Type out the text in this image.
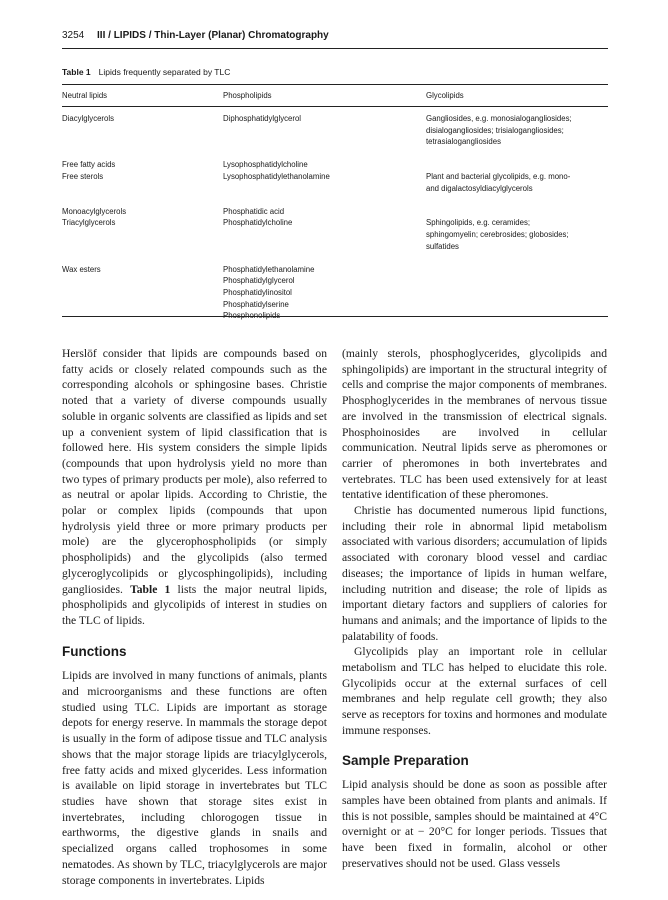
3254 III / LIPIDS / Thin-Layer (Planar) Chromatography
Table 1 Lipids frequently separated by TLC
Neutral lipids	Phospholipids	Glycolipids
Diacylglycerols

Free fatty acids
Free sterols

Monoacylglycerols
Triacylglycerols

Wax esters
Diphosphatidylglycerol

Lysophosphatidylcholine
Lysophosphatidylethanolamine

Phosphatidic acid
Phosphatidylcholine

Phosphatidylethanolamine
Phosphatidylglycerol
Phosphatidylinositol
Phosphatidylserine
Phosphonolipids
Gangliosides, e.g. monosialogangliosides;
disialogangliosides; trisialogangliosides;
tetrasialogangliosides

Plant and bacterial glycolipids, e.g. mono-
and digalactosyldiacylglycerols

Sphingolipids, e.g. ceramides;
sphingomyelin; cerebrosides; globosides;
sulfatides

Herslöf consider that lipids are compounds based on fatty acids or closely related compounds such as the corresponding alcohols or sphingosine bases. Christie noted that a variety of diverse compounds usually soluble in organic solvents are classified as lipids and set up a convenient system of lipid classification that is followed here. His system considers the simple lipids (compounds that upon hydrolysis yield no more than two types of primary products per mole), also referred to as neutral or apolar lipids. According to Christie, the polar or complex lipids (compounds that upon hydrolysis yield three or more primary products per mole) are the glycerophospholipids (or simply phospholipids) and the glycolipids (also termed glyceroglycolipids or glycosphingolipids), including gangliosides. Table 1 lists the major neutral lipids, phospholipids and glycolipids of interest in studies on the TLC of lipids.

Functions

Lipids are involved in many functions of animals, plants and microorganisms and these functions are often studied using TLC. Lipids are important as storage depots for energy reserve. In mammals the storage depot is usually in the form of adipose tissue and TLC analysis shows that the major storage lipids are triacylglycerols, free fatty acids and mixed glycerides. Less information is available on lipid storage in invertebrates but TLC studies have shown that storage sites exist in invertebrates, including chlorogogen tissue in earthworms, the digestive glands in snails and specialized organs called trophosomes in some nematodes. As shown by TLC, triacylglycerols are major storage components in invertebrates. Lipids

(mainly sterols, phosphoglycerides, glycolipids and sphingolipids) are important in the structural integrity of cells and comprise the major components of membranes. Phosphoglycerides in the membranes of nervous tissue are involved in the transmission of electrical signals. Phosphoinosides are involved in cellular communication. Neutral lipids serve as pheromones or carrier of pheromones in both invertebrates and vertebrates. TLC has been used extensively for at least tentative identification of these pheromones.

Christie has documented numerous lipid functions, including their role in abnormal lipid metabolism associated with various disorders; accumulation of lipids associated with coronary blood vessel and cardiac diseases; the importance of lipids in human welfare, including nutrition and disease; the role of lipids as important dietary factors and suppliers of calories for humans and animals; and the importance of lipids to the palatability of foods.

Glycolipids play an important role in cellular metabolism and TLC has helped to elucidate this role. Glycolipids occur at the external surfaces of cell membranes and help regulate cell growth; they also serve as receptors for toxins and hormones and modulate immune responses.

Sample Preparation

Lipid analysis should be done as soon as possible after samples have been obtained from plants and animals. If this is not possible, samples should be maintained at 4°C overnight or at − 20°C for longer periods. Tissues that have been fixed in formalin, alcohol or other preservatives should not be used. Glass vessels
